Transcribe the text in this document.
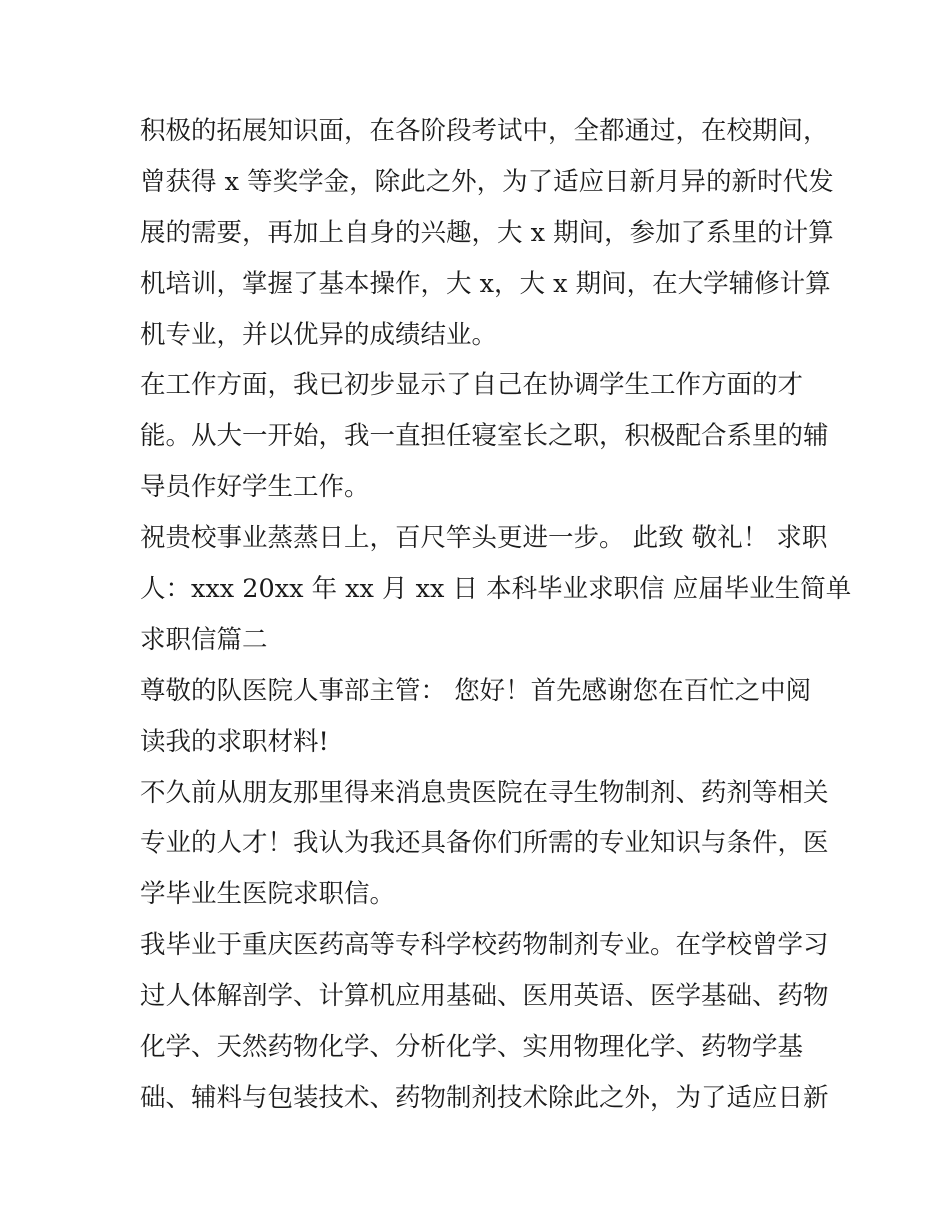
积极的拓展知识面，在各阶段考试中，全都通过，在校期间，
曾获得 x 等奖学金，除此之外，为了适应日新月异的新时代发
展的需要，再加上自身的兴趣，大 x 期间，参加了系里的计算
机培训，掌握了基本操作，大 x，大 x 期间，在大学辅修计算
机专业，并以优异的成绩结业。
在工作方面，我已初步显示了自己在协调学生工作方面的才
能。从大一开始，我一直担任寝室长之职，积极配合系里的辅
导员作好学生工作。
祝贵校事业蒸蒸日上，百尺竿头更进一步。 此致 敬礼！ 求职
人：xxx 20xx 年 xx 月 xx 日 本科毕业求职信 应届毕业生简单
求职信篇二
尊敬的队医院人事部主管： 您好！首先感谢您在百忙之中阅
读我的求职材料!
不久前从朋友那里得来消息贵医院在寻生物制剂、药剂等相关
专业的人才！我认为我还具备你们所需的专业知识与条件，医
学毕业生医院求职信。
我毕业于重庆医药高等专科学校药物制剂专业。在学校曾学习
过人体解剖学、计算机应用基础、医用英语、医学基础、药物
化学、天然药物化学、分析化学、实用物理化学、药物学基
础、辅料与包装技术、药物制剂技术除此之外，为了适应日新
